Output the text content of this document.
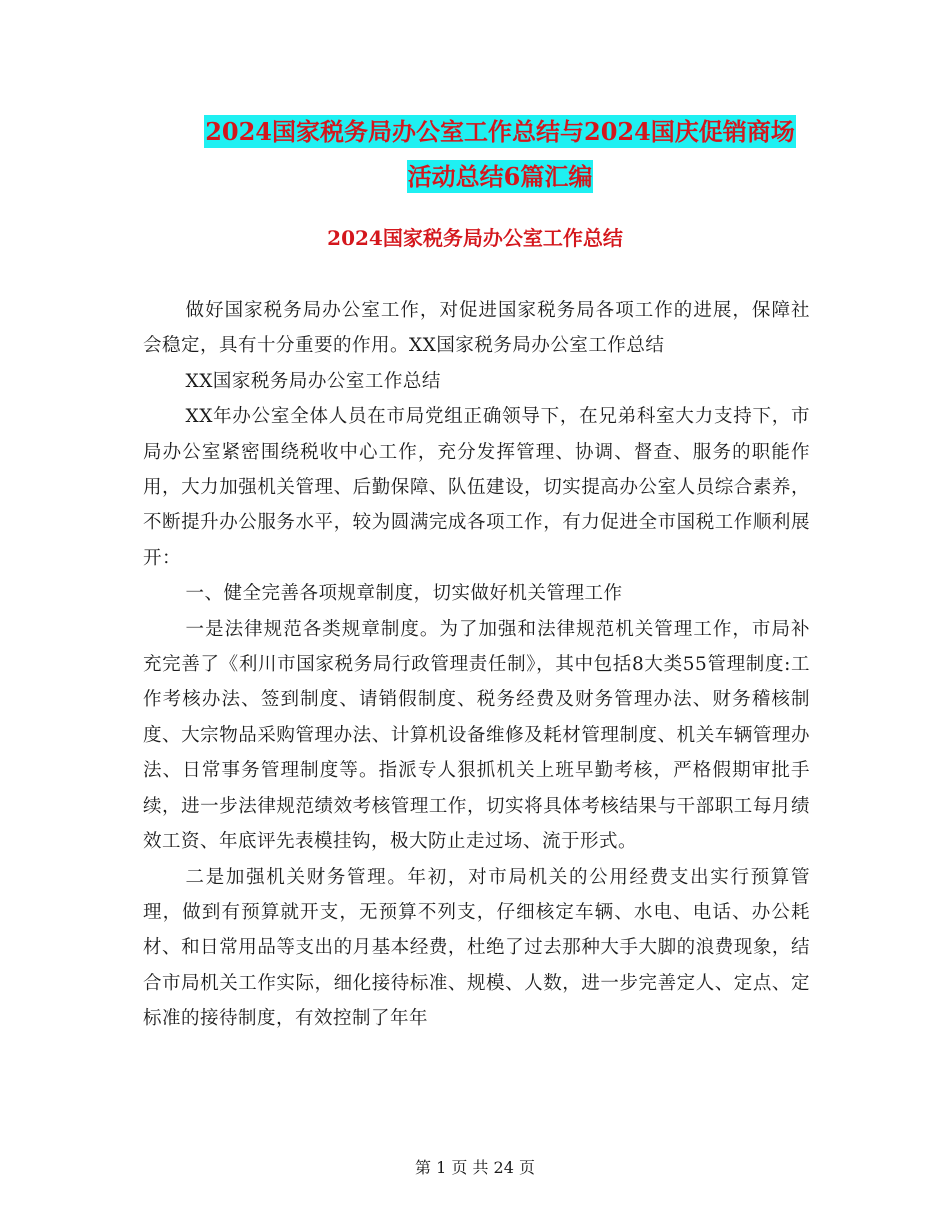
2024国家税务局办公室工作总结与2024国庆促销商场
活动总结6篇汇编
2024国家税务局办公室工作总结

做好国家税务局办公室工作，对促进国家税务局各项工作的进展，保障社会稳定，具有十分重要的作用。XX国家税务局办公室工作总结

XX国家税务局办公室工作总结

XX年办公室全体人员在市局党组正确领导下，在兄弟科室大力支持下，市局办公室紧密围绕税收中心工作，充分发挥管理、协调、督查、服务的职能作用，大力加强机关管理、后勤保障、队伍建设，切实提高办公室人员综合素养，不断提升办公服务水平，较为圆满完成各项工作，有力促进全市国税工作顺利展开：

一、健全完善各项规章制度，切实做好机关管理工作

一是法律规范各类规章制度。为了加强和法律规范机关管理工作，市局补充完善了《利川市国家税务局行政管理责任制》，其中包括8大类55管理制度:工作考核办法、签到制度、请销假制度、税务经费及财务管理办法、财务稽核制度、大宗物品采购管理办法、计算机设备维修及耗材管理制度、机关车辆管理办法、日常事务管理制度等。指派专人狠抓机关上班早勤考核，严格假期审批手续，进一步法律规范绩效考核管理工作，切实将具体考核结果与干部职工每月绩效工资、年底评先表模挂钩，极大防止走过场、流于形式。

二是加强机关财务管理。年初，对市局机关的公用经费支出实行预算管理，做到有预算就开支，无预算不列支，仔细核定车辆、水电、电话、办公耗材、和日常用品等支出的月基本经费，杜绝了过去那种大手大脚的浪费现象，结合市局机关工作实际，细化接待标准、规模、人数，进一步完善定人、定点、定标准的接待制度，有效控制了年年

第 1 页 共 24 页
